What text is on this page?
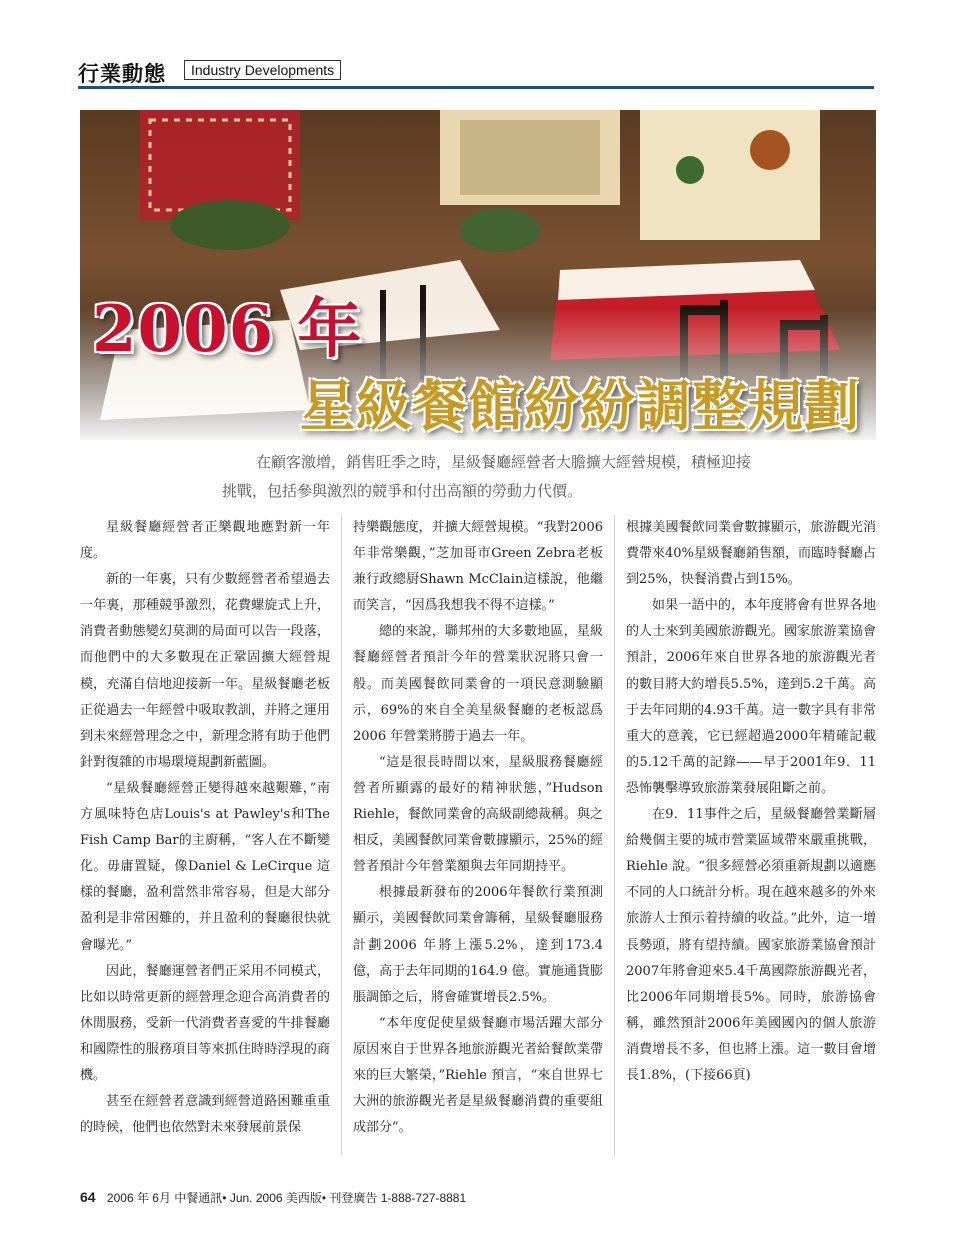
行業動態	Industry Developments
2006 年
星級餐館紛紛調整規劃

在顧客激增，銷售旺季之時，星級餐廳經營者大膽擴大經營規模，積極迎接

挑戰，包括參與激烈的競爭和付出高額的勞動力代價。

星級餐廳經營者正樂觀地應對新一年度。

新的一年裏，只有少數經營者希望過去一年裏，那種競爭激烈，花費螺旋式上升，消費者動態變幻莫測的局面可以告一段落，而他們中的大多數現在正鞏固擴大經營規模，充滿自信地迎接新一年。星級餐廳老板正從過去一年經營中吸取教訓，并將之運用到未來經營理念之中，新理念將有助于他們針對復雜的市場環境規劃新藍圖。

“星級餐廳經營正變得越來越艱難，”南方風味特色店Louis's at Pawley's和The Fish Camp Bar的主廚稱，“客人在不斷變化。毋庸置疑，像Daniel & LeCirque 這樣的餐廳，盈利當然非常容易，但是大部分盈利是非常困難的，并且盈利的餐廳很快就會曝光。”

因此，餐廳運營者們正采用不同模式，比如以時常更新的經營理念迎合高消費者的休閒服務，受新一代消費者喜愛的牛排餐廳和國際性的服務項目等來抓住時時浮現的商機。

甚至在經營者意識到經營道路困難重重的時候，他們也依然對未來發展前景保

持樂觀態度，并擴大經營規模。“我對2006年非常樂觀，”芝加哥市Green Zebra老板兼行政總厨Shawn McClain這樣說，他繼而笑言，“因爲我想我不得不這樣。”

總的來說，聯邦州的大多數地區，星級餐廳經營者預計今年的營業狀況將只會一般。而美國餐飲同業會的一項民意測驗顯示，69%的來自全美星級餐廳的老板認爲2006 年營業將勝于過去一年。

“這是很長時間以來，星級服務餐廳經營者所顯露的最好的精神狀態，”Hudson Riehle，餐飲同業會的高級副總裁稱。與之相反，美國餐飲同業會數據顯示，25%的經營者預計今年營業額與去年同期持平。

根據最新發布的2006年餐飲行業預測顯示，美國餐飲同業會籌稱，星級餐廳服務計劃2006 年將上漲5.2%，達到173.4億，高于去年同期的164.9 億。實施通貨膨脹調節之后，將會確實增長2.5%。

“本年度促使星級餐廳市場活躍大部分原因來自于世界各地旅游觀光者給餐飲業帶來的巨大繁榮，”Riehle 預言，“來自世界七大洲的旅游觀光者是星級餐廳消費的重要組成部分”。

根據美國餐飲同業會數據顯示，旅游觀光消費帶來40%星級餐廳銷售額，而臨時餐廳占到25%，快餐消費占到15%。

如果一語中的，本年度將會有世界各地的人士來到美國旅游觀光。國家旅游業協會預計，2006年來自世界各地的旅游觀光者的數目將大約增長5.5%，達到5.2千萬。高于去年同期的4.93千萬。這一數字具有非常重大的意義，它已經超過2000年精確記載的5.12千萬的記錄——早于2001年9．11恐怖襲擊導致旅游業發展阻斷之前。

在9．11事件之后，星級餐廳營業斷層給幾個主要的城市營業區域帶來嚴重挑戰，Riehle 說。“很多經營必須重新規劃以適應不同的人口統計分析。現在越來越多的外來旅游人士預示着持續的收益。”此外，這一增長勢頭，將有望持續。國家旅游業協會預計2007年將會迎來5.4千萬國際旅游觀光者，比2006年同期增長5%。同時，旅游協會稱，雖然預計2006年美國國內的個人旅游消費增長不多，但也將上漲。這一數目會增長1.8%，(下接66頁)

64 2006 年 6月 中餐通訊• Jun. 2006 美西版• 刊登廣告 1-888-727-8881
